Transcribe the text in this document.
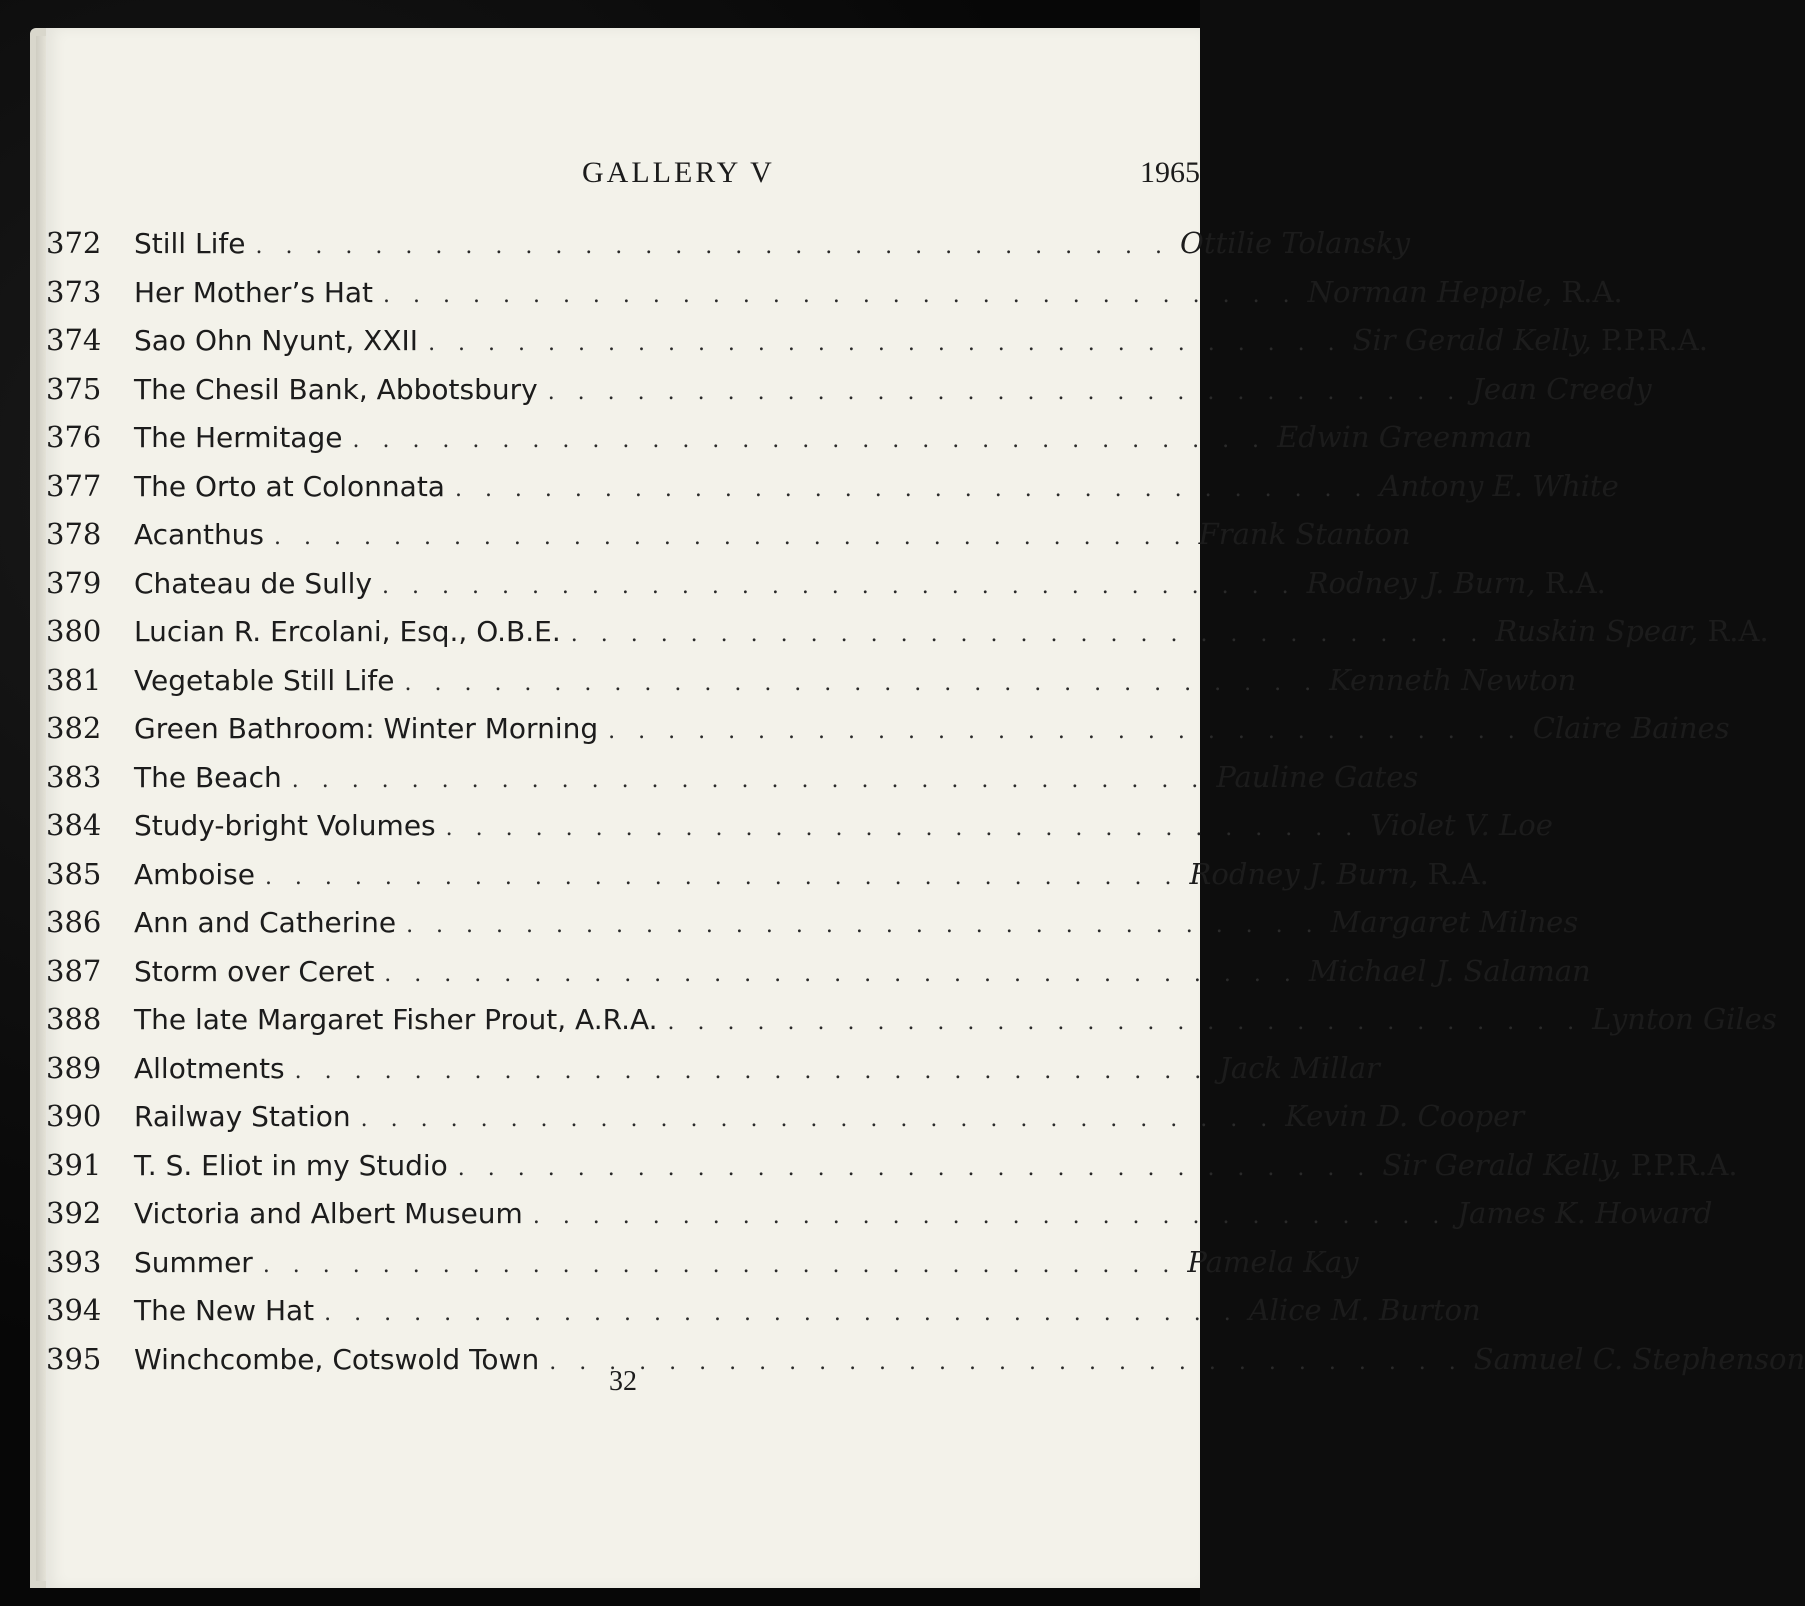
GALLERY V	1965
372	Still Life . . . . . . . . . . . . . . . . . . . . . . . . . . . . . . . Ottilie Tolansky
373	Her Mother’s Hat . . . . . . . . . . . . . . . . . . . . . . . . . . . . . . . Norman Hepple, R.A.
374	Sao Ohn Nyunt, XXII . . . . . . . . . . . . . . . . . . . . . . . . . . . . . . . Sir Gerald Kelly, P.P.R.A.
375	The Chesil Bank, Abbotsbury . . . . . . . . . . . . . . . . . . . . . . . . . . . . . . . Jean Creedy
376	The Hermitage . . . . . . . . . . . . . . . . . . . . . . . . . . . . . . . Edwin Greenman
377	The Orto at Colonnata . . . . . . . . . . . . . . . . . . . . . . . . . . . . . . . Antony E. White
378	Acanthus . . . . . . . . . . . . . . . . . . . . . . . . . . . . . . . Frank Stanton
379	Chateau de Sully . . . . . . . . . . . . . . . . . . . . . . . . . . . . . . . Rodney J. Burn, R.A.
380	Lucian R. Ercolani, Esq., O.B.E. . . . . . . . . . . . . . . . . . . . . . . . . . . . . . . . Ruskin Spear, R.A.
381	Vegetable Still Life . . . . . . . . . . . . . . . . . . . . . . . . . . . . . . . Kenneth Newton
382	Green Bathroom: Winter Morning . . . . . . . . . . . . . . . . . . . . . . . . . . . . . . . Claire Baines
383	The Beach . . . . . . . . . . . . . . . . . . . . . . . . . . . . . . . Pauline Gates
384	Study-bright Volumes . . . . . . . . . . . . . . . . . . . . . . . . . . . . . . . Violet V. Loe
385	Amboise . . . . . . . . . . . . . . . . . . . . . . . . . . . . . . . Rodney J. Burn, R.A.
386	Ann and Catherine . . . . . . . . . . . . . . . . . . . . . . . . . . . . . . . Margaret Milnes
387	Storm over Ceret . . . . . . . . . . . . . . . . . . . . . . . . . . . . . . . Michael J. Salaman
388	The late Margaret Fisher Prout, A.R.A. . . . . . . . . . . . . . . . . . . . . . . . . . . . . . . . Lynton Giles
389	Allotments . . . . . . . . . . . . . . . . . . . . . . . . . . . . . . . Jack Millar
390	Railway Station . . . . . . . . . . . . . . . . . . . . . . . . . . . . . . . Kevin D. Cooper
391	T. S. Eliot in my Studio . . . . . . . . . . . . . . . . . . . . . . . . . . . . . . . Sir Gerald Kelly, P.P.R.A.
392	Victoria and Albert Museum . . . . . . . . . . . . . . . . . . . . . . . . . . . . . . . James K. Howard
393	Summer . . . . . . . . . . . . . . . . . . . . . . . . . . . . . . . Pamela Kay
394	The New Hat . . . . . . . . . . . . . . . . . . . . . . . . . . . . . . . Alice M. Burton
395	Winchcombe, Cotswold Town . . . . . . . . . . . . . . . . . . . . . . . . . . . . . . . Samuel C. Stephenson
32
